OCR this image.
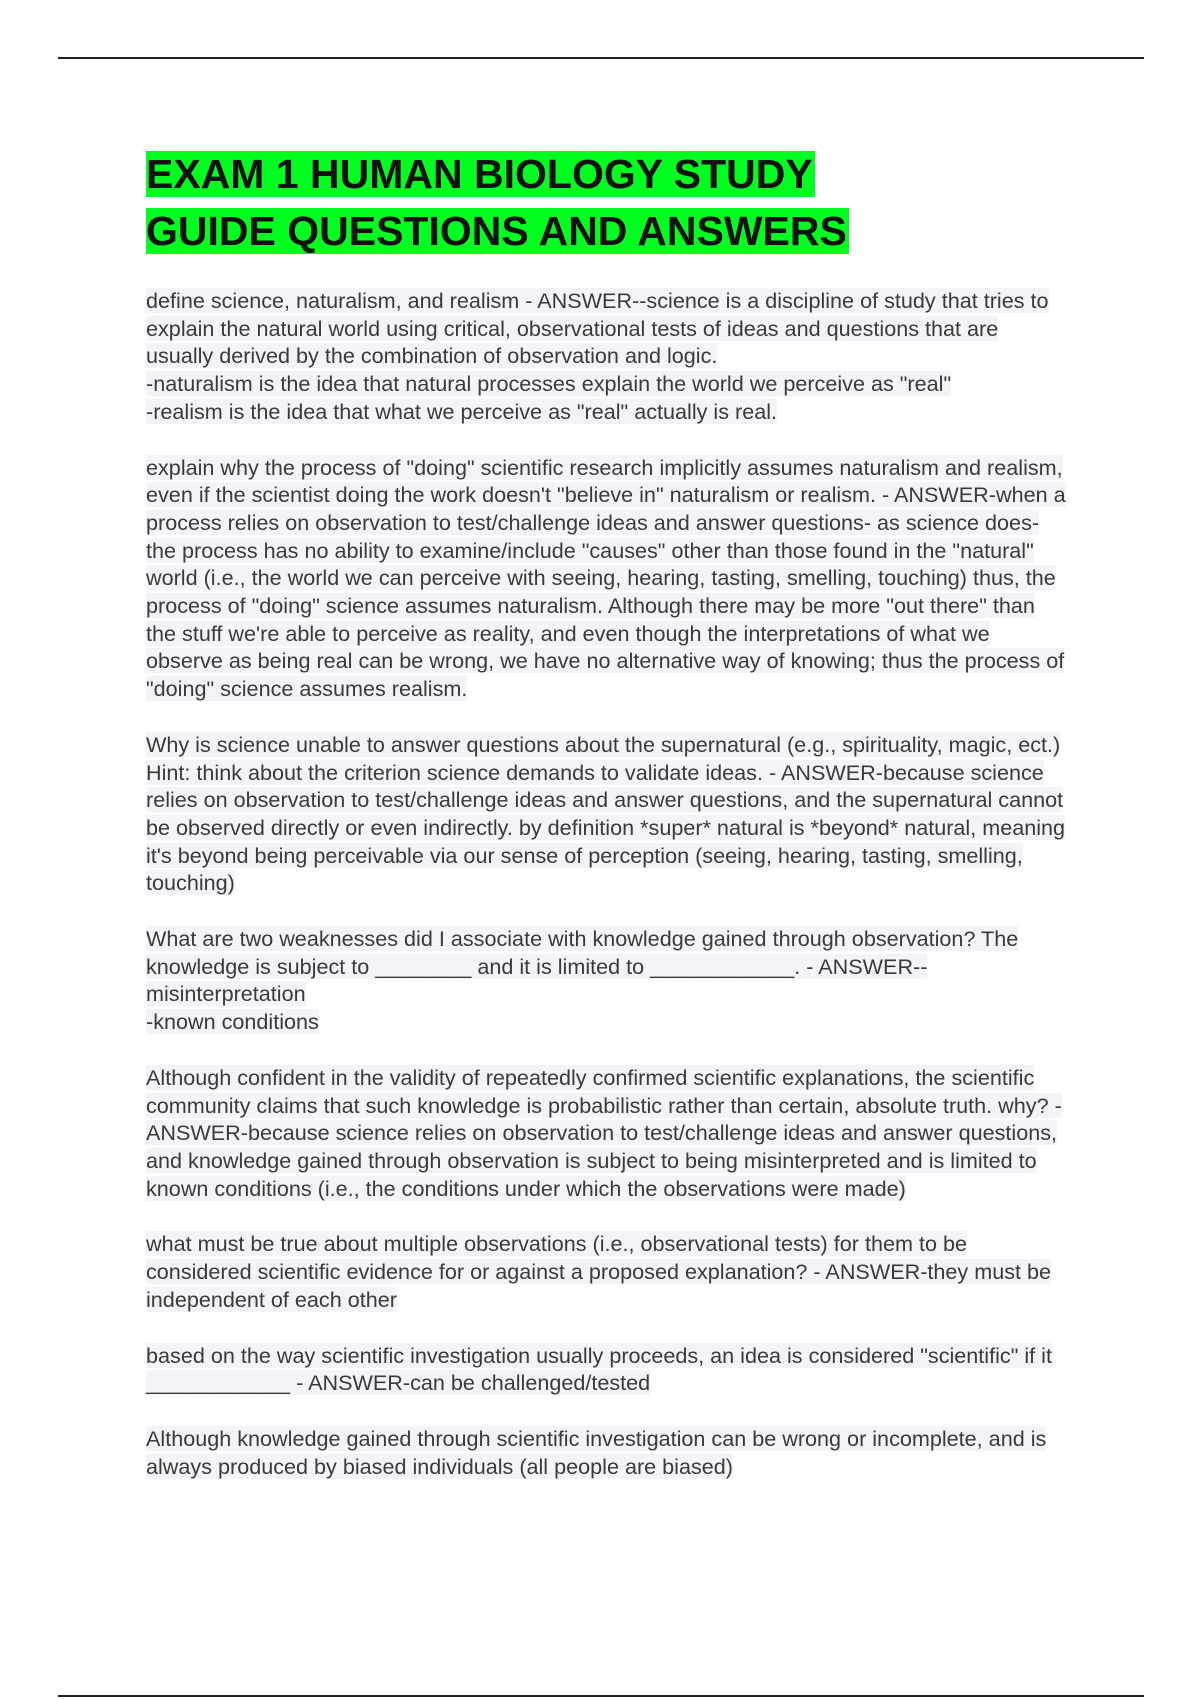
EXAM 1 HUMAN BIOLOGY STUDY
GUIDE QUESTIONS AND ANSWERS

define science, naturalism, and realism - ANSWER--science is a discipline of study that tries to explain the natural world using critical, observational tests of ideas and questions that are usually derived by the combination of observation and logic.
-naturalism is the idea that natural processes explain the world we perceive as "real"
-realism is the idea that what we perceive as "real" actually is real.

explain why the process of "doing" scientific research implicitly assumes naturalism and realism, even if the scientist doing the work doesn't "believe in" naturalism or realism. - ANSWER-when a process relies on observation to test/challenge ideas and answer questions- as science does- the process has no ability to examine/include "causes" other than those found in the "natural" world (i.e., the world we can perceive with seeing, hearing, tasting, smelling, touching) thus, the process of "doing" science assumes naturalism. Although there may be more "out there" than the stuff we're able to perceive as reality, and even though the interpretations of what we observe as being real can be wrong, we have no alternative way of knowing; thus the process of "doing" science assumes realism.

Why is science unable to answer questions about the supernatural (e.g., spirituality, magic, ect.) Hint: think about the criterion science demands to validate ideas. - ANSWER-because science relies on observation to test/challenge ideas and answer questions, and the supernatural cannot be observed directly or even indirectly. by definition *super* natural is *beyond* natural, meaning it's beyond being perceivable via our sense of perception (seeing, hearing, tasting, smelling, touching)

What are two weaknesses did I associate with knowledge gained through observation? The knowledge is subject to ________ and it is limited to ____________. - ANSWER--misinterpretation
-known conditions

Although confident in the validity of repeatedly confirmed scientific explanations, the scientific community claims that such knowledge is probabilistic rather than certain, absolute truth. why? - ANSWER-because science relies on observation to test/challenge ideas and answer questions, and knowledge gained through observation is subject to being misinterpreted and is limited to known conditions (i.e., the conditions under which the observations were made)

what must be true about multiple observations (i.e., observational tests) for them to be considered scientific evidence for or against a proposed explanation? - ANSWER-they must be independent of each other

based on the way scientific investigation usually proceeds, an idea is considered "scientific" if it ____________ - ANSWER-can be challenged/tested

Although knowledge gained through scientific investigation can be wrong or incomplete, and is always produced by biased individuals (all people are biased)
